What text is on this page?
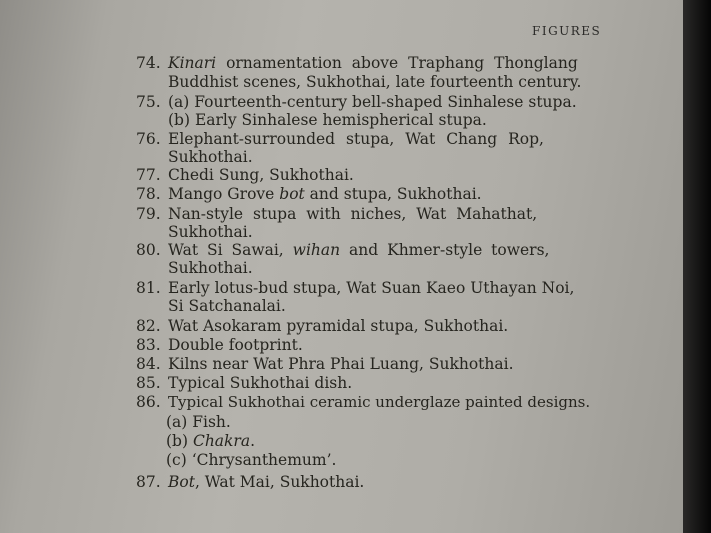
FIGURES
74. Kinari ornamentation above Traphang Thonglang
Buddhist scenes, Sukhothai, late fourteenth century.
75. (a) Fourteenth-century bell-shaped Sinhalese stupa.
(b) Early Sinhalese hemispherical stupa.
76. Elephant-surrounded stupa, Wat Chang Rop,
Sukhothai.
77. Chedi Sung, Sukhothai.
78. Mango Grove bot and stupa, Sukhothai.
79. Nan-style stupa with niches, Wat Mahathat,
Sukhothai.
80. Wat Si Sawai, wihan and Khmer-style towers,
Sukhothai.
81. Early lotus-bud stupa, Wat Suan Kaeo Uthayan Noi,
Si Satchanalai.
82. Wat Asokaram pyramidal stupa, Sukhothai.
83. Double footprint.
84. Kilns near Wat Phra Phai Luang, Sukhothai.
85. Typical Sukhothai dish.
86. Typical Sukhothai ceramic underglaze painted designs.
(a) Fish.
(b) Chakra.
(c) ‘Chrysanthemum’.
87. Bot, Wat Mai, Sukhothai.
